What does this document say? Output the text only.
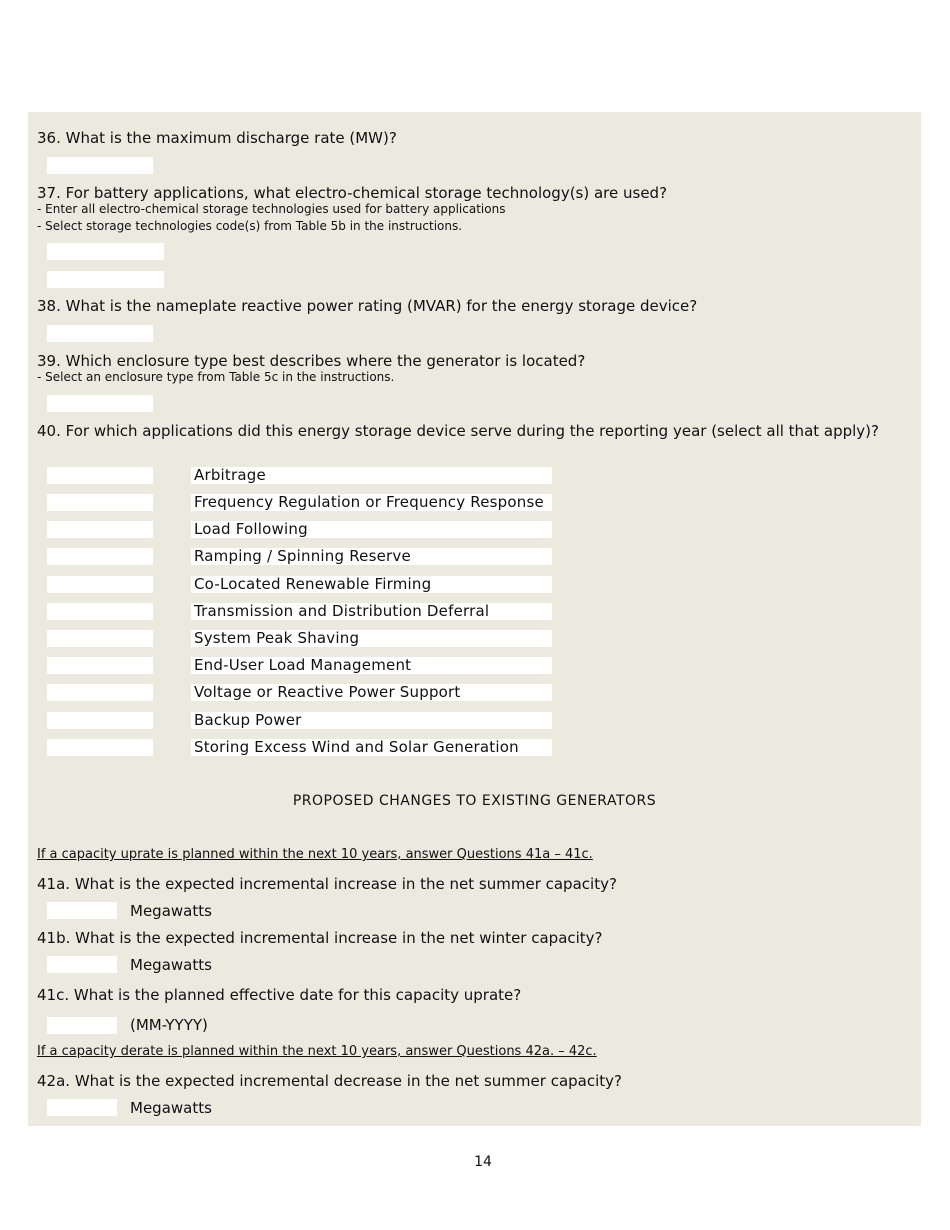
36. What is the maximum discharge rate (MW)?
37. For battery applications, what electro-chemical storage technology(s) are used?
- Enter all electro-chemical storage technologies used for battery applications
- Select storage technologies code(s) from Table 5b in the instructions.
38. What is the nameplate reactive power rating (MVAR) for the energy storage device?
39. Which enclosure type best describes where the generator is located?
- Select an enclosure type from Table 5c in the instructions.
40. For which applications did this energy storage device serve during the reporting year (select all that apply)?
Arbitrage
Frequency Regulation or Frequency Response
Load Following
Ramping / Spinning Reserve
Co-Located Renewable Firming
Transmission and Distribution Deferral
System Peak Shaving
End-User Load Management
Voltage or Reactive Power Support
Backup Power
Storing Excess Wind and Solar Generation
PROPOSED CHANGES TO EXISTING GENERATORS
If a capacity uprate is planned within the next 10 years, answer Questions 41a – 41c.
41a. What is the expected incremental increase in the net summer capacity?
Megawatts
41b. What is the expected incremental increase in the net winter capacity?
Megawatts
41c. What is the planned effective date for this capacity uprate?
(MM-YYYY)
If a capacity derate is planned within the next 10 years, answer Questions 42a. – 42c.
42a. What is the expected incremental decrease in the net summer capacity?
Megawatts
14
